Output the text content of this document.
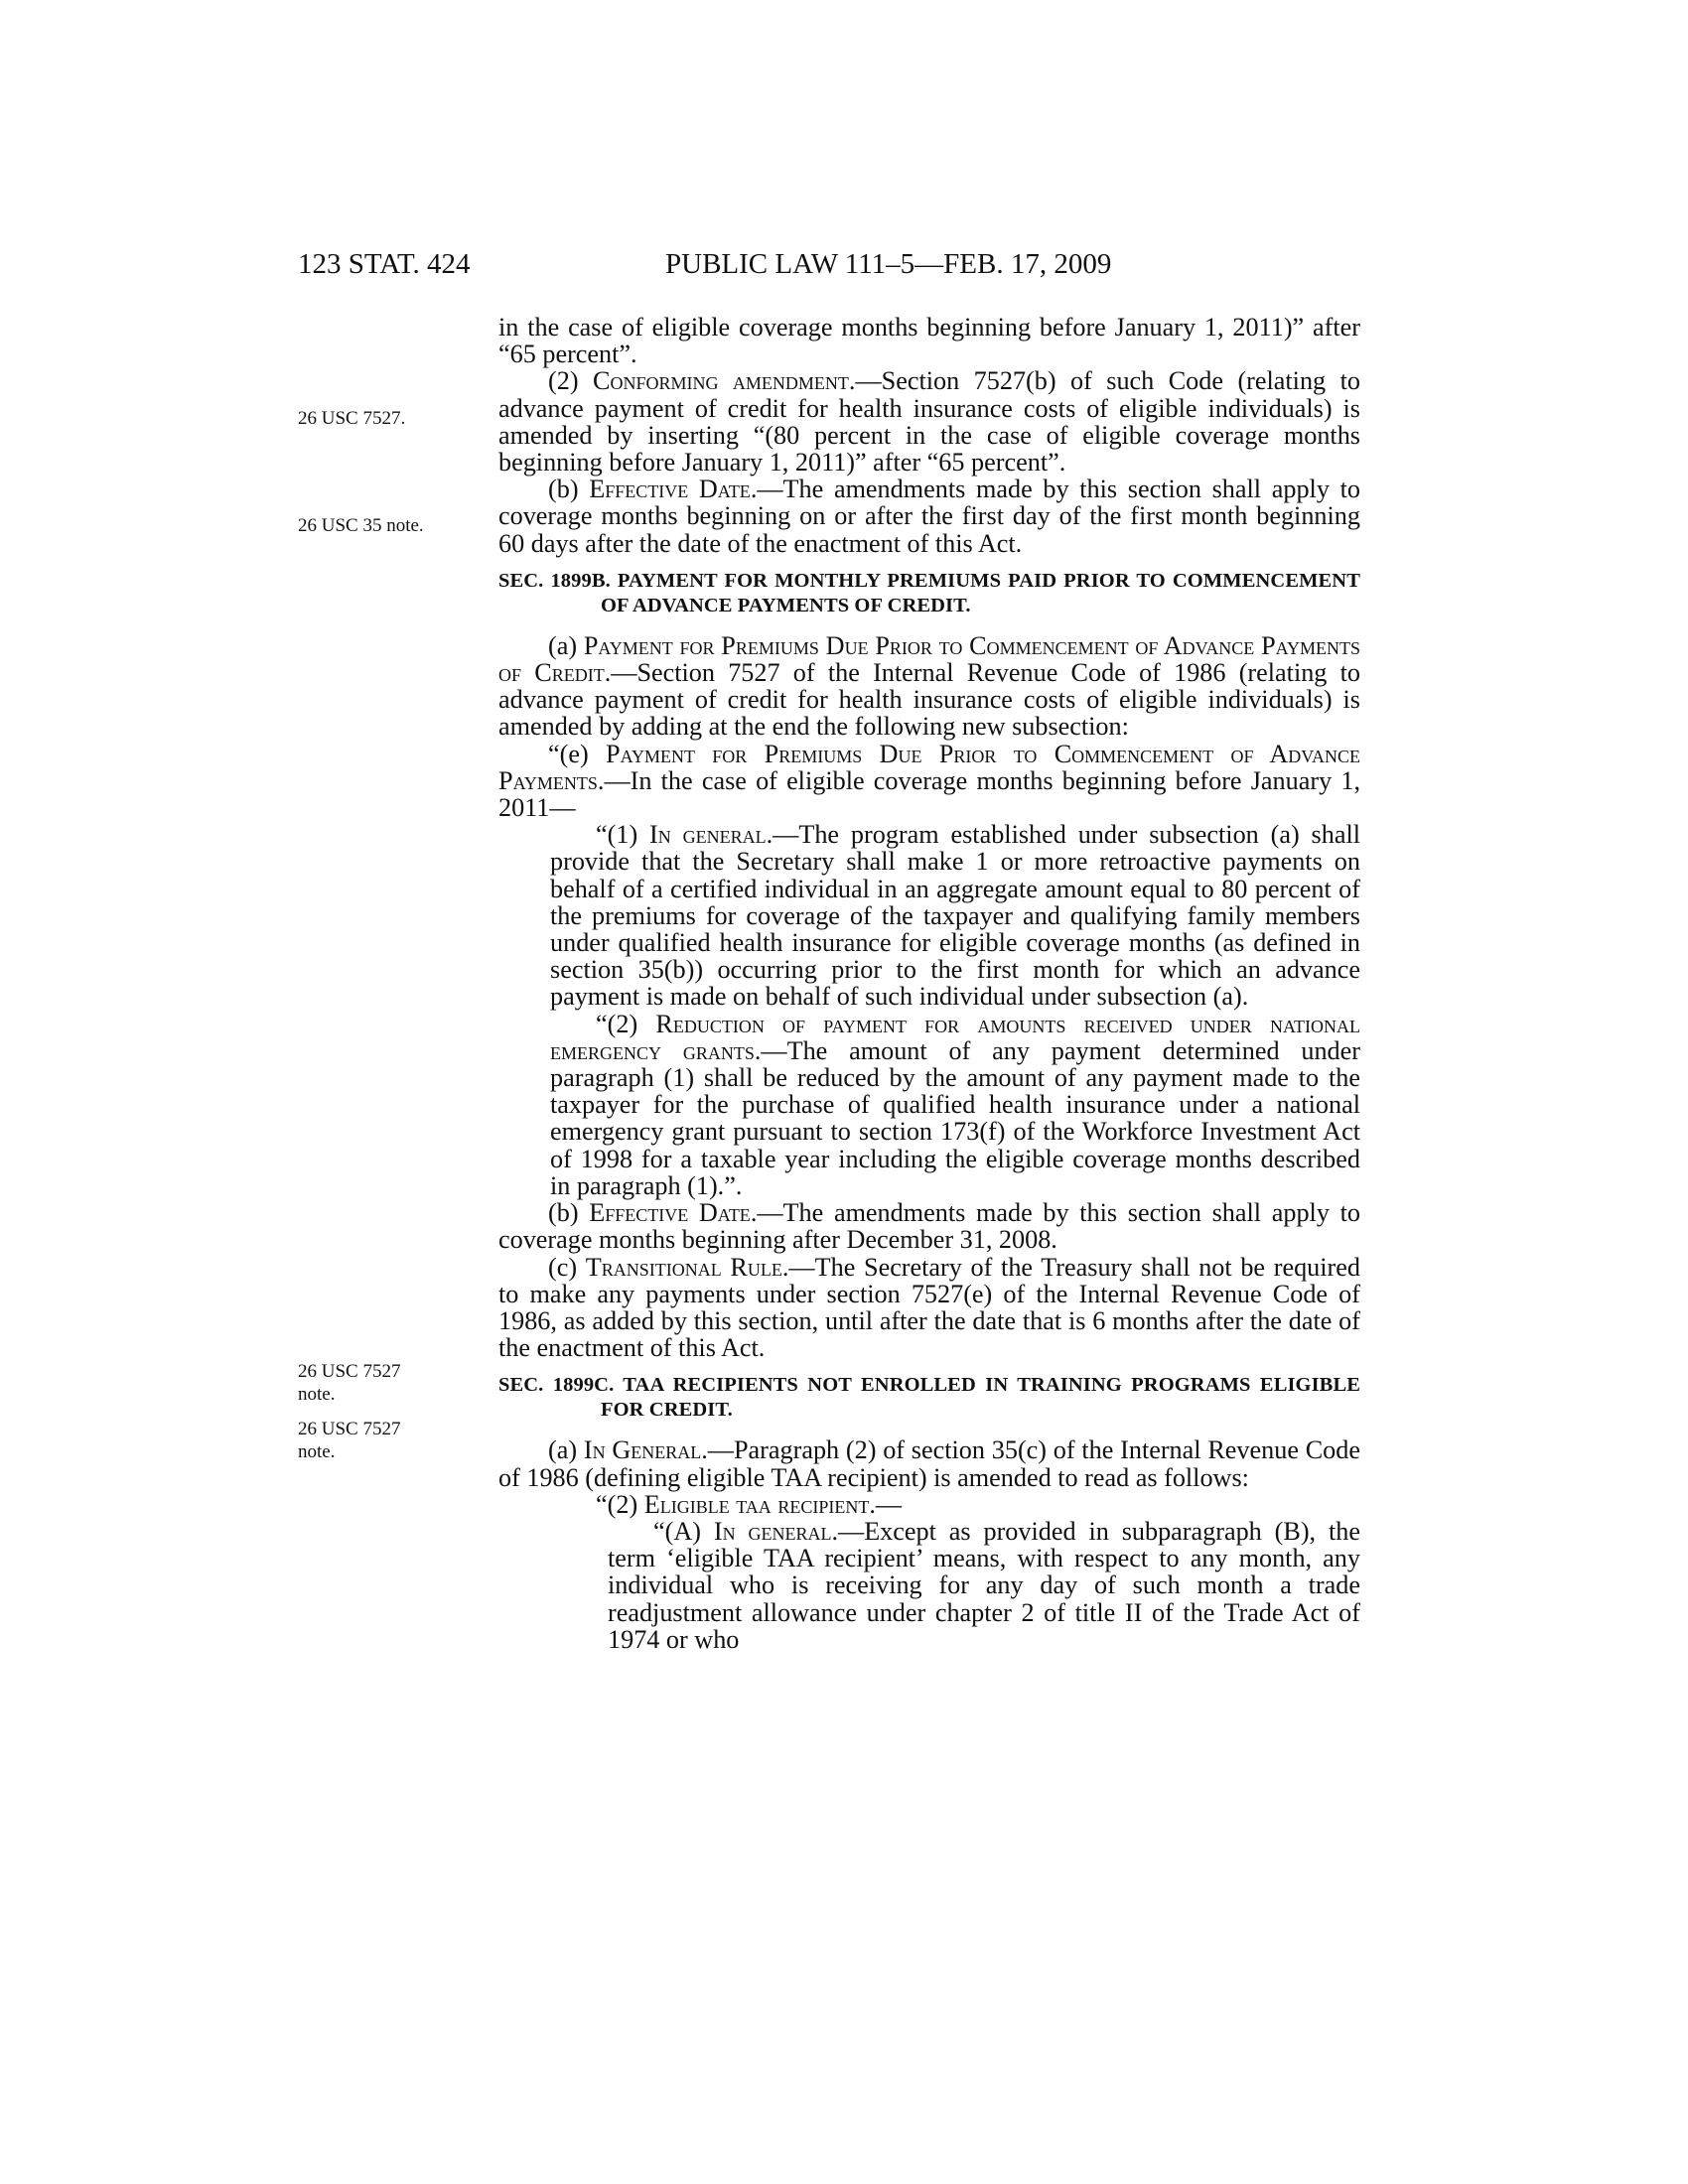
123 STAT. 424	PUBLIC LAW 111–5—FEB. 17, 2009
26 USC 7527.
26 USC 35 note.
26 USC 7527 note.
26 USC 7527 note.

in the case of eligible coverage months beginning before January 1, 2011)” after “65 percent”.

(2) Conforming amendment.—Section 7527(b) of such Code (relating to advance payment of credit for health insurance costs of eligible individuals) is amended by inserting “(80 percent in the case of eligible coverage months beginning before January 1, 2011)” after “65 percent”.

(b) Effective Date.—The amendments made by this section shall apply to coverage months beginning on or after the first day of the first month beginning 60 days after the date of the enactment of this Act.

SEC. 1899B. PAYMENT FOR MONTHLY PREMIUMS PAID PRIOR TO COMMENCEMENT OF ADVANCE PAYMENTS OF CREDIT.

(a) Payment for Premiums Due Prior to Commencement of Advance Payments of Credit.—Section 7527 of the Internal Revenue Code of 1986 (relating to advance payment of credit for health insurance costs of eligible individuals) is amended by adding at the end the following new subsection:

“(e) Payment for Premiums Due Prior to Commencement of Advance Payments.—In the case of eligible coverage months beginning before January 1, 2011—

“(1) In general.—The program established under subsection (a) shall provide that the Secretary shall make 1 or more retroactive payments on behalf of a certified individual in an aggregate amount equal to 80 percent of the premiums for coverage of the taxpayer and qualifying family members under qualified health insurance for eligible coverage months (as defined in section 35(b)) occurring prior to the first month for which an advance payment is made on behalf of such individual under subsection (a).

“(2) Reduction of payment for amounts received under national emergency grants.—The amount of any payment determined under paragraph (1) shall be reduced by the amount of any payment made to the taxpayer for the purchase of qualified health insurance under a national emergency grant pursuant to section 173(f) of the Workforce Investment Act of 1998 for a taxable year including the eligible coverage months described in paragraph (1).”.

(b) Effective Date.—The amendments made by this section shall apply to coverage months beginning after December 31, 2008.

(c) Transitional Rule.—The Secretary of the Treasury shall not be required to make any payments under section 7527(e) of the Internal Revenue Code of 1986, as added by this section, until after the date that is 6 months after the date of the enactment of this Act.

SEC. 1899C. TAA RECIPIENTS NOT ENROLLED IN TRAINING PROGRAMS ELIGIBLE FOR CREDIT.

(a) In General.—Paragraph (2) of section 35(c) of the Internal Revenue Code of 1986 (defining eligible TAA recipient) is amended to read as follows:

“(2) Eligible taa recipient.—

“(A) In general.—Except as provided in subparagraph (B), the term ‘eligible TAA recipient’ means, with respect to any month, any individual who is receiving for any day of such month a trade readjustment allowance under chapter 2 of title II of the Trade Act of 1974 or who
